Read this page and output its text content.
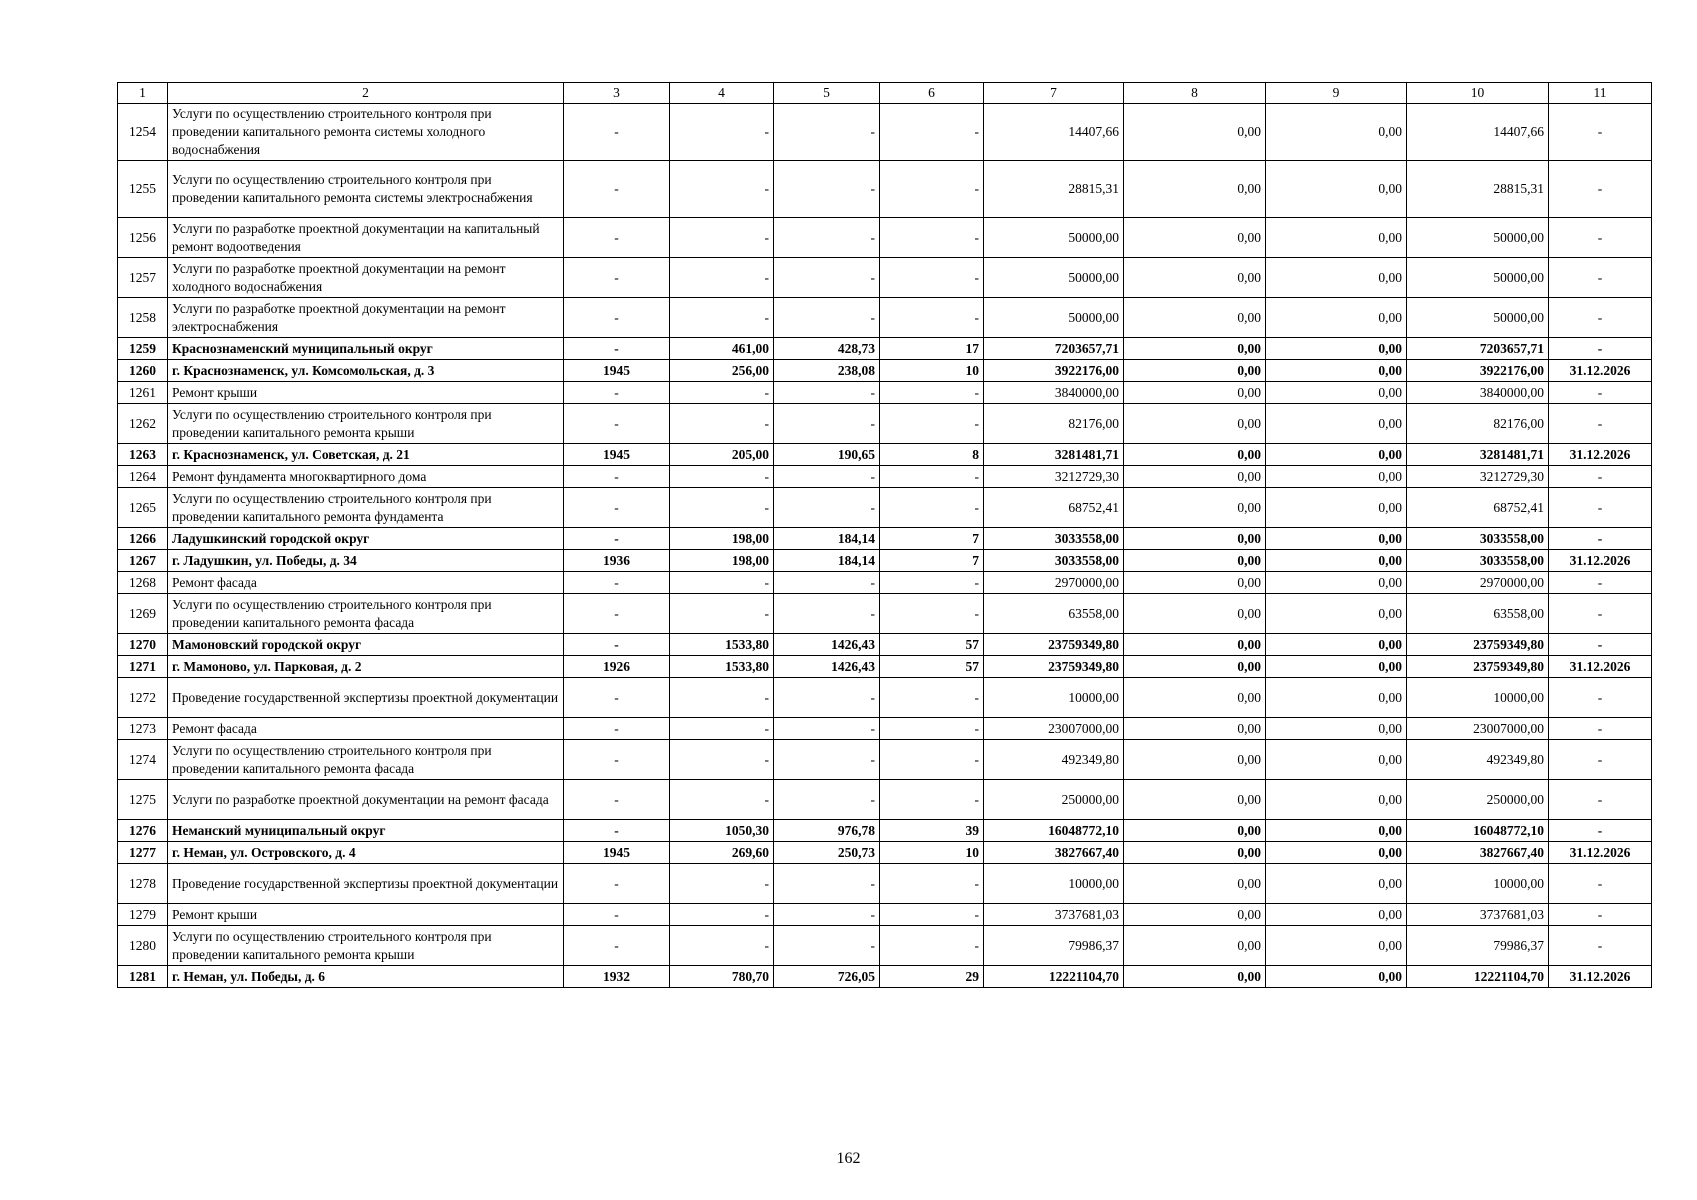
1	2	3	4	5	6	7	8	9	10	11
1254	Услуги по осуществлению строительного контроля при проведении капитального ремонта системы холодного водоснабжения	-	-	-	-	14407,66	0,00	0,00	14407,66	-
1255	Услуги по осуществлению строительного контроля при проведении капитального ремонта системы электроснабжения	-	-	-	-	28815,31	0,00	0,00	28815,31	-
1256	Услуги по разработке проектной документации на капитальный ремонт водоотведения	-	-	-	-	50000,00	0,00	0,00	50000,00	-
1257	Услуги по разработке проектной документации на ремонт холодного водоснабжения	-	-	-	-	50000,00	0,00	0,00	50000,00	-
1258	Услуги по разработке проектной документации на ремонт электроснабжения	-	-	-	-	50000,00	0,00	0,00	50000,00	-
1259	Краснознаменский муниципальный округ	-	461,00	428,73	17	7203657,71	0,00	0,00	7203657,71	-
1260	г. Краснознаменск, ул. Комсомольская, д. 3	1945	256,00	238,08	10	3922176,00	0,00	0,00	3922176,00	31.12.2026
1261	Ремонт крыши	-	-	-	-	3840000,00	0,00	0,00	3840000,00	-
1262	Услуги по осуществлению строительного контроля при проведении капитального ремонта крыши	-	-	-	-	82176,00	0,00	0,00	82176,00	-
1263	г. Краснознаменск, ул. Советская, д. 21	1945	205,00	190,65	8	3281481,71	0,00	0,00	3281481,71	31.12.2026
1264	Ремонт фундамента многоквартирного дома	-	-	-	-	3212729,30	0,00	0,00	3212729,30	-
1265	Услуги по осуществлению строительного контроля при проведении капитального ремонта фундамента	-	-	-	-	68752,41	0,00	0,00	68752,41	-
1266	Ладушкинский городской округ	-	198,00	184,14	7	3033558,00	0,00	0,00	3033558,00	-
1267	г. Ладушкин, ул. Победы, д. 34	1936	198,00	184,14	7	3033558,00	0,00	0,00	3033558,00	31.12.2026
1268	Ремонт фасада	-	-	-	-	2970000,00	0,00	0,00	2970000,00	-
1269	Услуги по осуществлению строительного контроля при проведении капитального ремонта фасада	-	-	-	-	63558,00	0,00	0,00	63558,00	-
1270	Мамоновский городской округ	-	1533,80	1426,43	57	23759349,80	0,00	0,00	23759349,80	-
1271	г. Мамоново, ул. Парковая, д. 2	1926	1533,80	1426,43	57	23759349,80	0,00	0,00	23759349,80	31.12.2026
1272	Проведение государственной экспертизы проектной документации	-	-	-	-	10000,00	0,00	0,00	10000,00	-
1273	Ремонт фасада	-	-	-	-	23007000,00	0,00	0,00	23007000,00	-
1274	Услуги по осуществлению строительного контроля при проведении капитального ремонта фасада	-	-	-	-	492349,80	0,00	0,00	492349,80	-
1275	Услуги по разработке проектной документации на ремонт фасада	-	-	-	-	250000,00	0,00	0,00	250000,00	-
1276	Неманский муниципальный округ	-	1050,30	976,78	39	16048772,10	0,00	0,00	16048772,10	-
1277	г. Неман, ул. Островского, д. 4	1945	269,60	250,73	10	3827667,40	0,00	0,00	3827667,40	31.12.2026
1278	Проведение государственной экспертизы проектной документации	-	-	-	-	10000,00	0,00	0,00	10000,00	-
1279	Ремонт крыши	-	-	-	-	3737681,03	0,00	0,00	3737681,03	-
1280	Услуги по осуществлению строительного контроля при проведении капитального ремонта крыши	-	-	-	-	79986,37	0,00	0,00	79986,37	-
1281	г. Неман, ул. Победы, д. 6	1932	780,70	726,05	29	12221104,70	0,00	0,00	12221104,70	31.12.2026
162
